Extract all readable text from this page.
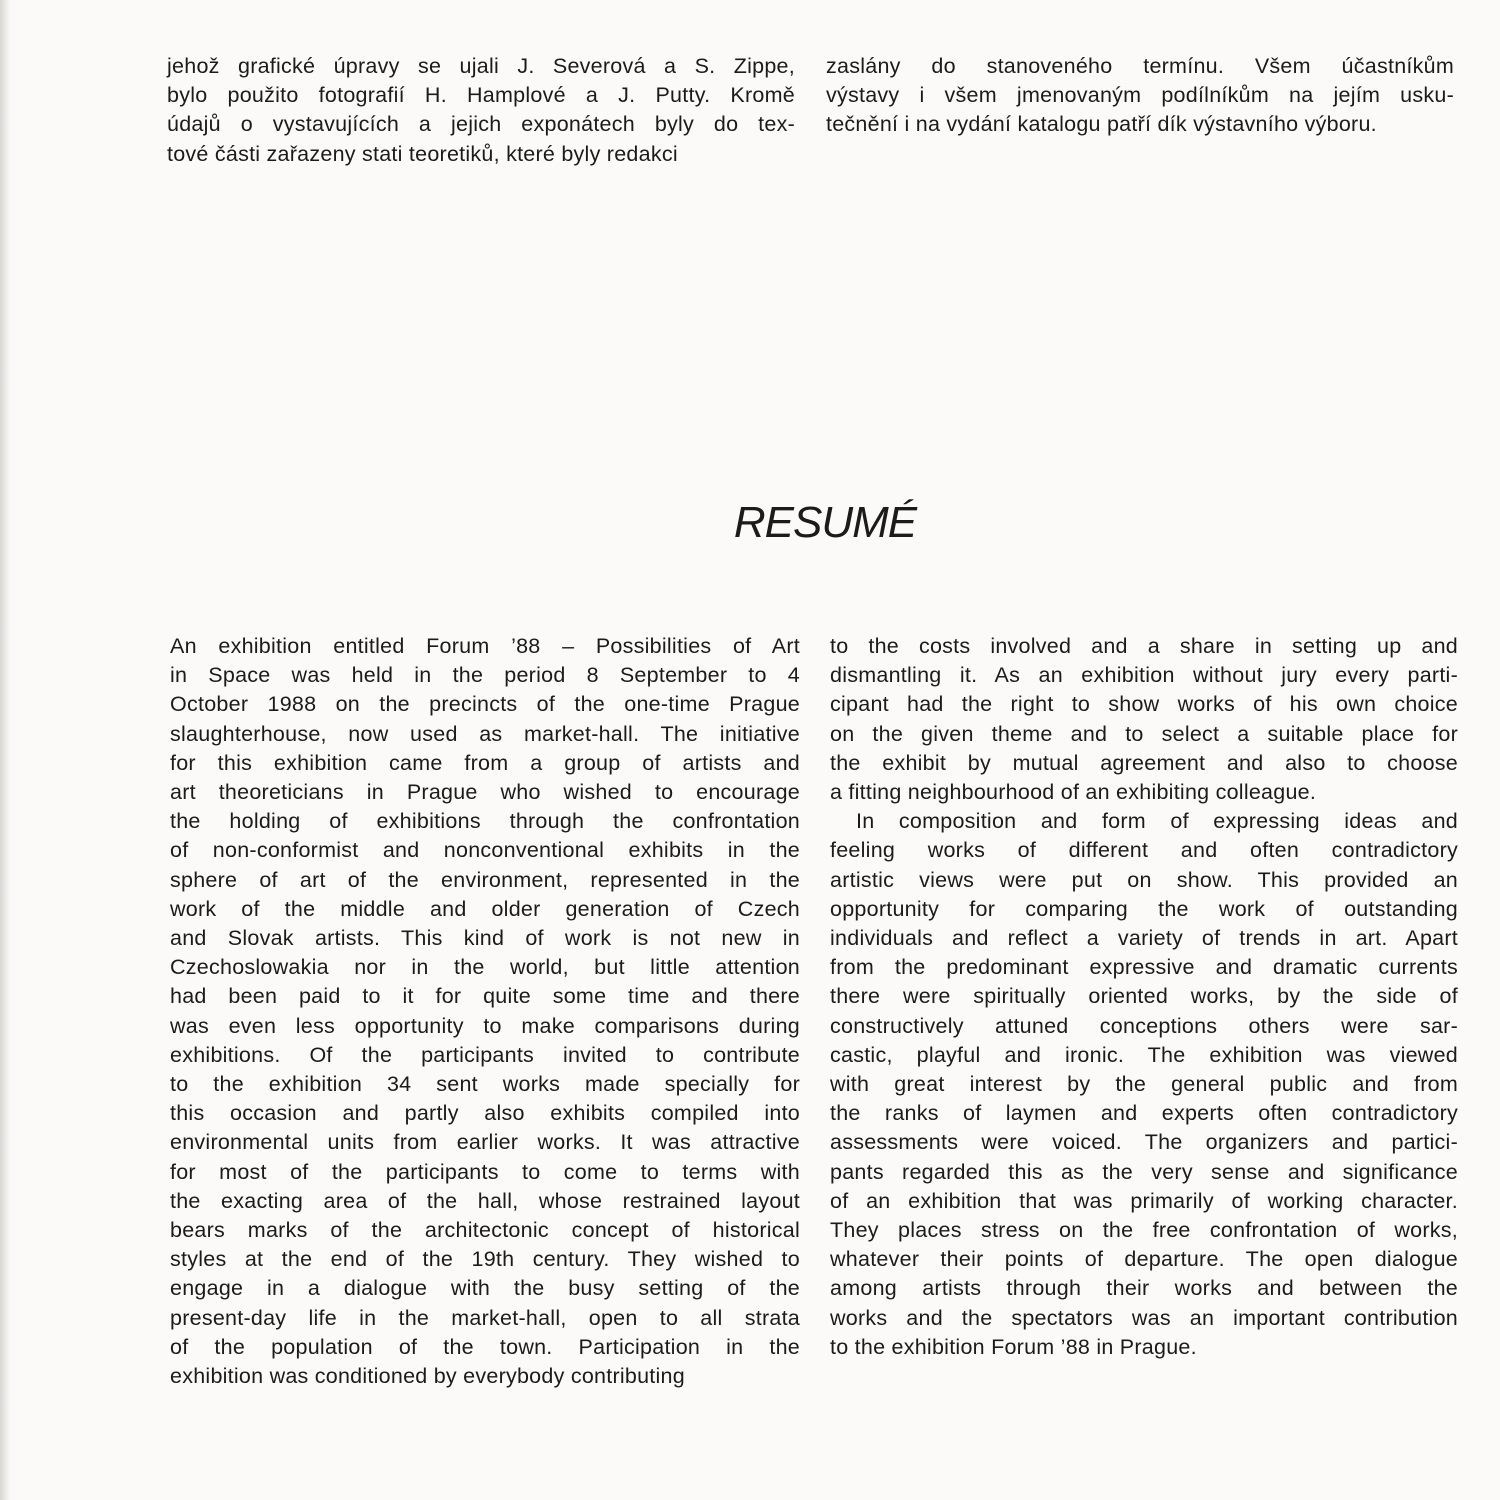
jehož grafické úpravy se ujali J. Severová a S. Zippe,
bylo použito fotografií H. Hamplové a J. Putty. Kromě
údajů o vystavujících a jejich exponátech byly do tex-
tové části zařazeny stati teoretiků, které byly redakci

zaslány do stanoveného termínu. Všem účastníkům
výstavy i všem jmenovaným podílníkům na jejím usku-
tečnění i na vydání katalogu patří dík výstavního výboru.

RESUMÉ

An exhibition entitled Forum ’88 – Possibilities of Art
in Space was held in the period 8 September to 4
October 1988 on the precincts of the one-time Prague
slaughterhouse, now used as market-hall. The initiative
for this exhibition came from a group of artists and
art theoreticians in Prague who wished to encourage
the holding of exhibitions through the confrontation
of non-conformist and nonconventional exhibits in the
sphere of art of the environment, represented in the
work of the middle and older generation of Czech
and Slovak artists. This kind of work is not new in
Czechoslowakia nor in the world, but little attention
had been paid to it for quite some time and there
was even less opportunity to make comparisons during
exhibitions. Of the participants invited to contribute
to the exhibition 34 sent works made specially for
this occasion and partly also exhibits compiled into
environmental units from earlier works. It was attractive
for most of the participants to come to terms with
the exacting area of the hall, whose restrained layout
bears marks of the architectonic concept of historical
styles at the end of the 19th century. They wished to
engage in a dialogue with the busy setting of the
present-day life in the market-hall, open to all strata
of the population of the town. Participation in the
exhibition was conditioned by everybody contributing

to the costs involved and a share in setting up and
dismantling it. As an exhibition without jury every parti-
cipant had the right to show works of his own choice
on the given theme and to select a suitable place for
the exhibit by mutual agreement and also to choose
a fitting neighbourhood of an exhibiting colleague.
In composition and form of expressing ideas and
feeling works of different and often contradictory
artistic views were put on show. This provided an
opportunity for comparing the work of outstanding
individuals and reflect a variety of trends in art. Apart
from the predominant expressive and dramatic currents
there were spiritually oriented works, by the side of
constructively attuned conceptions others were sar-
castic, playful and ironic. The exhibition was viewed
with great interest by the general public and from
the ranks of laymen and experts often contradictory
assessments were voiced. The organizers and partici-
pants regarded this as the very sense and significance
of an exhibition that was primarily of working character.
They places stress on the free confrontation of works,
whatever their points of departure. The open dialogue
among artists through their works and between the
works and the spectators was an important contribution
to the exhibition Forum ’88 in Prague.
